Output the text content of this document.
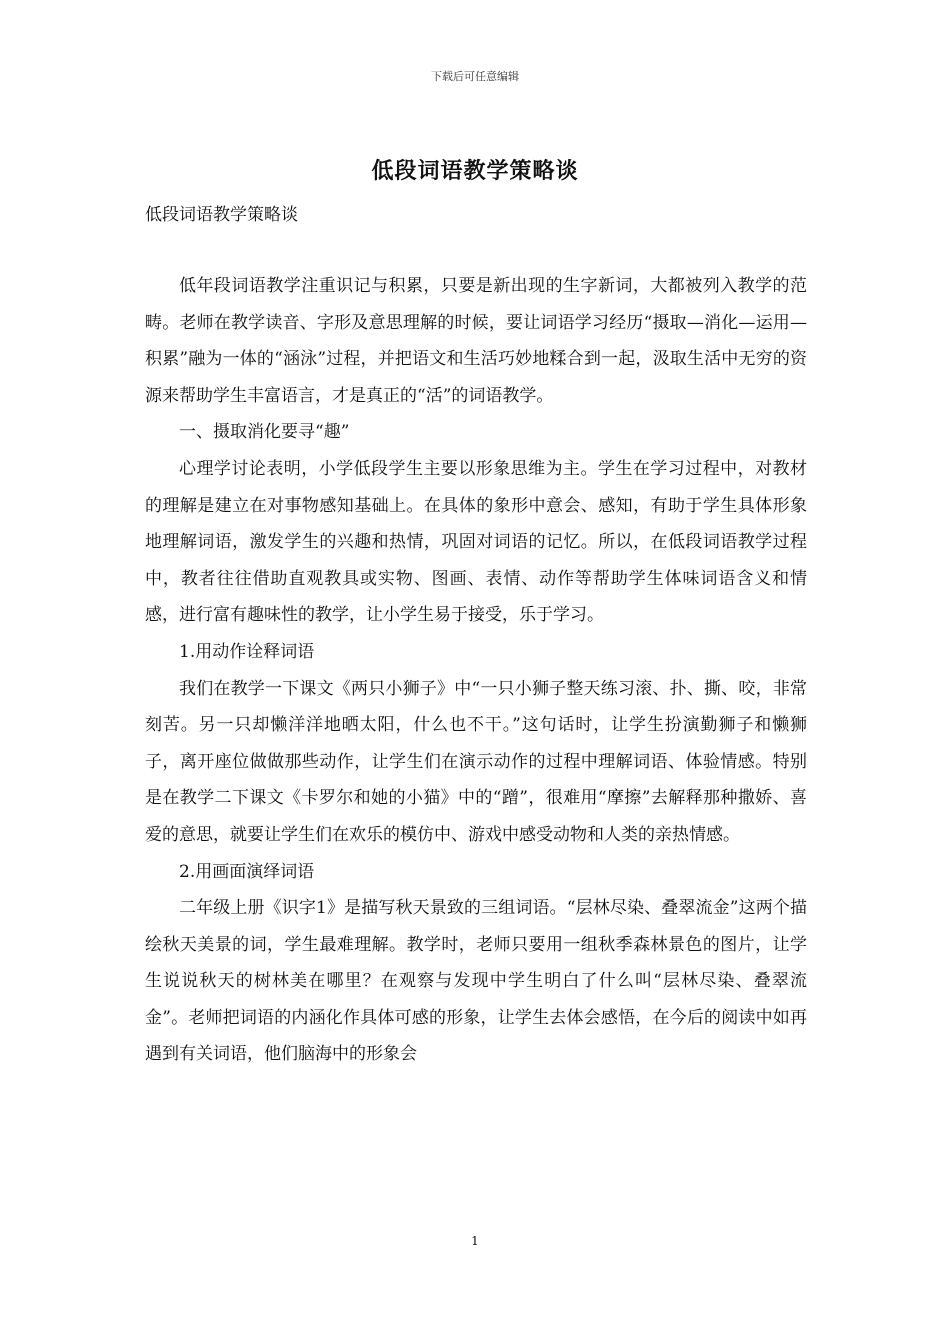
下载后可任意编辑
低段词语教学策略谈
低段词语教学策略谈

低年段词语教学注重识记与积累，只要是新出现的生字新词，大都被列入教学的范畴。老师在教学读音、字形及意思理解的时候，要让词语学习经历“摄取—消化—运用—积累”融为一体的“涵泳”过程，并把语文和生活巧妙地糅合到一起，汲取生活中无穷的资源来帮助学生丰富语言，才是真正的“活”的词语教学。

一、摄取消化要寻“趣”

心理学讨论表明，小学低段学生主要以形象思维为主。学生在学习过程中，对教材的理解是建立在对事物感知基础上。在具体的象形中意会、感知，有助于学生具体形象地理解词语，激发学生的兴趣和热情，巩固对词语的记忆。所以，在低段词语教学过程中，教者往往借助直观教具或实物、图画、表情、动作等帮助学生体味词语含义和情感，进行富有趣味性的教学，让小学生易于接受，乐于学习。

1.用动作诠释词语

我们在教学一下课文《两只小狮子》中“一只小狮子整天练习滚、扑、撕、咬，非常刻苦。另一只却懒洋洋地晒太阳，什么也不干。”这句话时，让学生扮演勤狮子和懒狮子，离开座位做做那些动作，让学生们在演示动作的过程中理解词语、体验情感。特别是在教学二下课文《卡罗尔和她的小猫》中的“蹭”，很难用“摩擦”去解释那种撒娇、喜爱的意思，就要让学生们在欢乐的模仿中、游戏中感受动物和人类的亲热情感。

2.用画面演绎词语

二年级上册《识字1》是描写秋天景致的三组词语。“层林尽染、叠翠流金”这两个描绘秋天美景的词，学生最难理解。教学时，老师只要用一组秋季森林景色的图片，让学生说说秋天的树林美在哪里？在观察与发现中学生明白了什么叫“层林尽染、叠翠流金”。老师把词语的内涵化作具体可感的形象，让学生去体会感悟，在今后的阅读中如再遇到有关词语，他们脑海中的形象会

1
